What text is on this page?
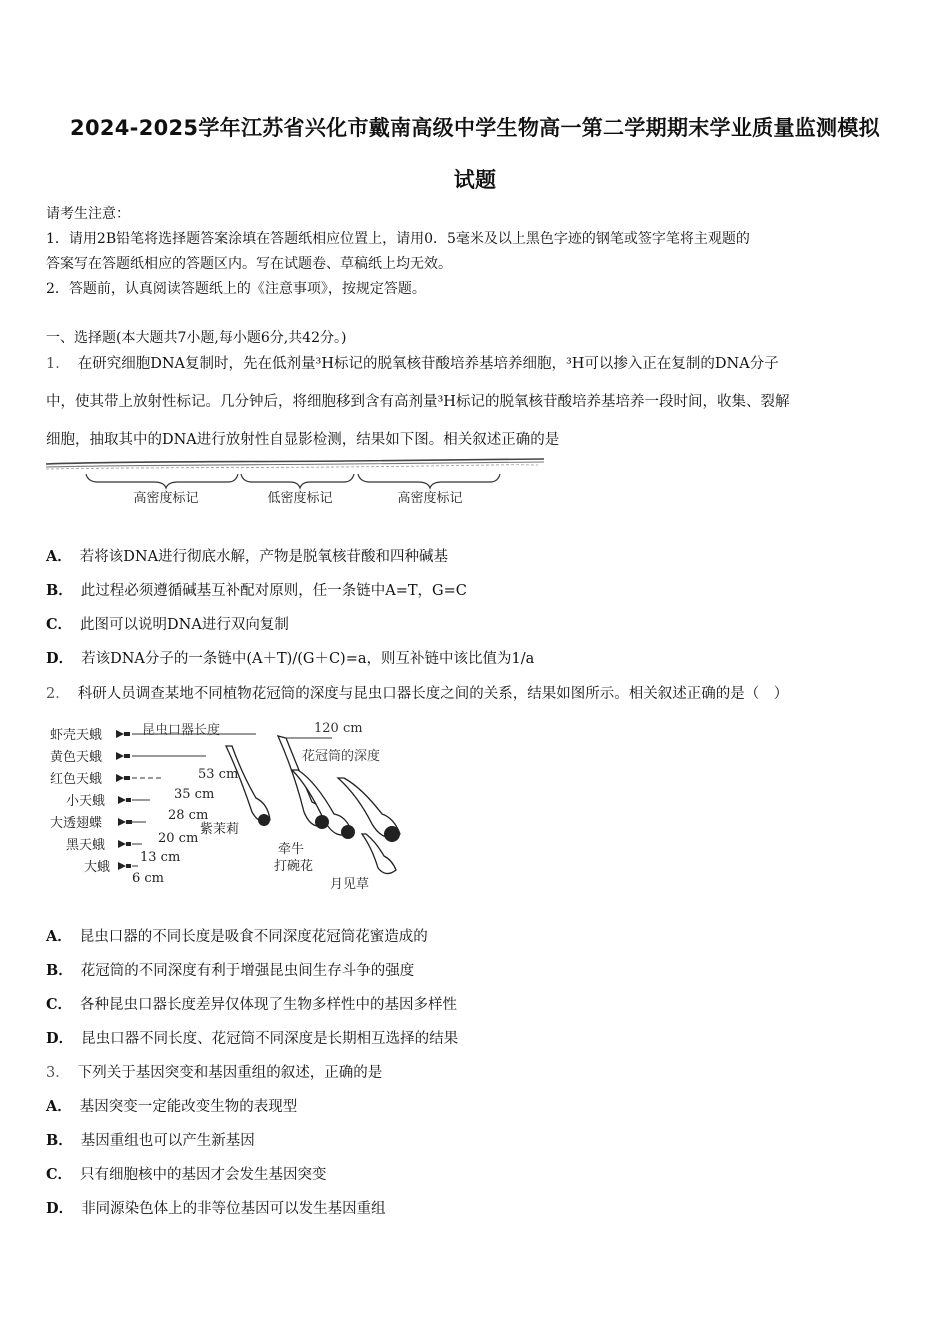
2024-2025学年江苏省兴化市戴南高级中学生物高一第二学期期末学业质量监测模拟
试题
请考生注意：
1．请用2B铅笔将选择题答案涂填在答题纸相应位置上，请用0．5毫米及以上黑色字迹的钢笔或签字笔将主观题的
答案写在答题纸相应的答题区内。写在试题卷、草稿纸上均无效。
2．答题前，认真阅读答题纸上的《注意事项》，按规定答题。
一、选择题(本大题共7小题,每小题6分,共42分。)
1． 在研究细胞DNA复制时，先在低剂量³H标记的脱氧核苷酸培养基培养细胞，³H可以掺入正在复制的DNA分子
中，使其带上放射性标记。几分钟后，将细胞移到含有高剂量³H标记的脱氧核苷酸培养基培养一段时间，收集、裂解
细胞，抽取其中的DNA进行放射性自显影检测，结果如下图。相关叙述正确的是
高密度标记	低密度标记	高密度标记
A． 若将该DNA进行彻底水解，产物是脱氧核苷酸和四种碱基
B． 此过程必须遵循碱基互补配对原则，任一条链中A=T，G=C
C． 此图可以说明DNA进行双向复制
D． 若该DNA分子的一条链中(A＋T)/(G＋C)=a，则互补链中该比值为1/a
2． 科研人员调查某地不同植物花冠筒的深度与昆虫口器长度之间的关系，结果如图所示。相关叙述正确的是（　）
虾壳天蛾
黄色天蛾
红色天蛾
小天蛾
大透翅蝶
黑天蛾
大蛾
昆虫口器长度	120 cm
花冠筒的深度
53 cm
35 cm
28 cm
20 cm
13 cm
6 cm
紫茉莉
牵牛
打碗花
月见草
A． 昆虫口器的不同长度是吸食不同深度花冠筒花蜜造成的
B． 花冠筒的不同深度有利于增强昆虫间生存斗争的强度
C． 各种昆虫口器长度差异仅体现了生物多样性中的基因多样性
D． 昆虫口器不同长度、花冠筒不同深度是长期相互选择的结果
3． 下列关于基因突变和基因重组的叙述，正确的是
A． 基因突变一定能改变生物的表现型
B． 基因重组也可以产生新基因
C． 只有细胞核中的基因才会发生基因突变
D． 非同源染色体上的非等位基因可以发生基因重组
